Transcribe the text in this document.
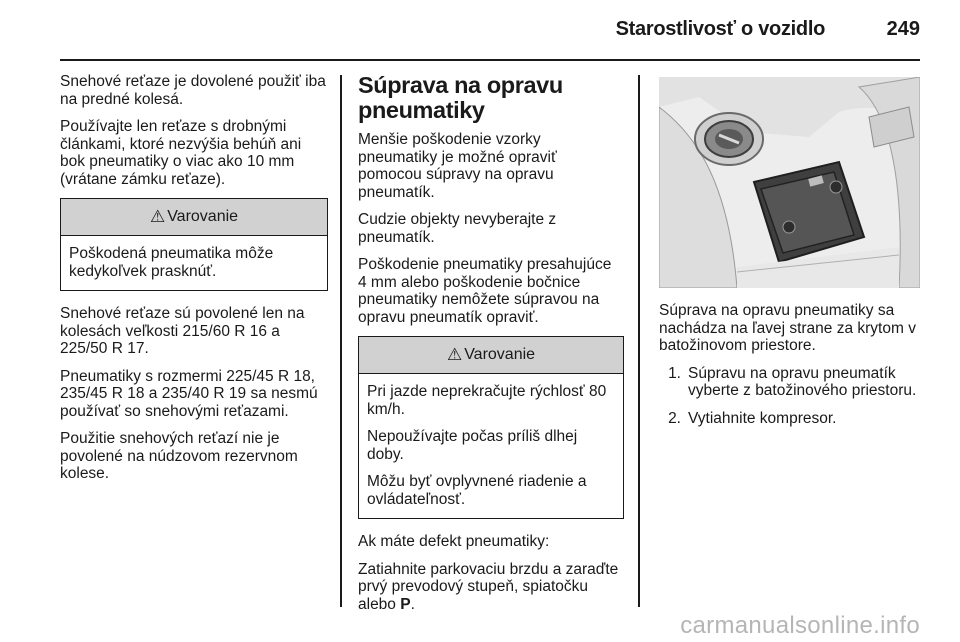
Starostlivosť o vozidlo	249

Snehové reťaze je dovolené použiť iba na predné kolesá.

Používajte len reťaze s drobnými článkami, ktoré nezvýšia behúň ani bok pneumatiky o viac ako 10 mm (vrátane zámku reťaze).

⚠ Varovanie

Poškodená pneumatika môže kedykoľvek prasknúť.

Snehové reťaze sú povolené len na kolesách veľkosti 215/60 R 16 a 225/50 R 17.

Pneumatiky s rozmermi 225/45 R 18, 235/45 R 18 a 235/40 R 19 sa nesmú používať so snehovými reťazami.

Použitie snehových reťazí nie je povolené na núdzovom rezervnom kolese.

Súprava na opravu pneumatiky

Menšie poškodenie vzorky pneumatiky je možné opraviť pomocou súpravy na opravu pneumatík.

Cudzie objekty nevyberajte z pneumatík.

Poškodenie pneumatiky presahujúce 4 mm alebo poškodenie bočnice pneumatiky nemôžete súpravou na opravu pneumatík opraviť.

⚠ Varovanie

Pri jazde neprekračujte rýchlosť 80 km/h.

Nepoužívajte počas príliš dlhej doby.

Môžu byť ovplyvnené riadenie a ovládateľnosť.

Ak máte defekt pneumatiky:

Zatiahnite parkovaciu brzdu a zaraďte prvý prevodový stupeň, spiatočku alebo P.

Súprava na opravu pneumatiky sa nachádza na ľavej strane za krytom v batožinovom priestore.

1. Súpravu na opravu pneumatík vyberte z batožinového priestoru.
2. Vytiahnite kompresor.
carmanualsonline.info
